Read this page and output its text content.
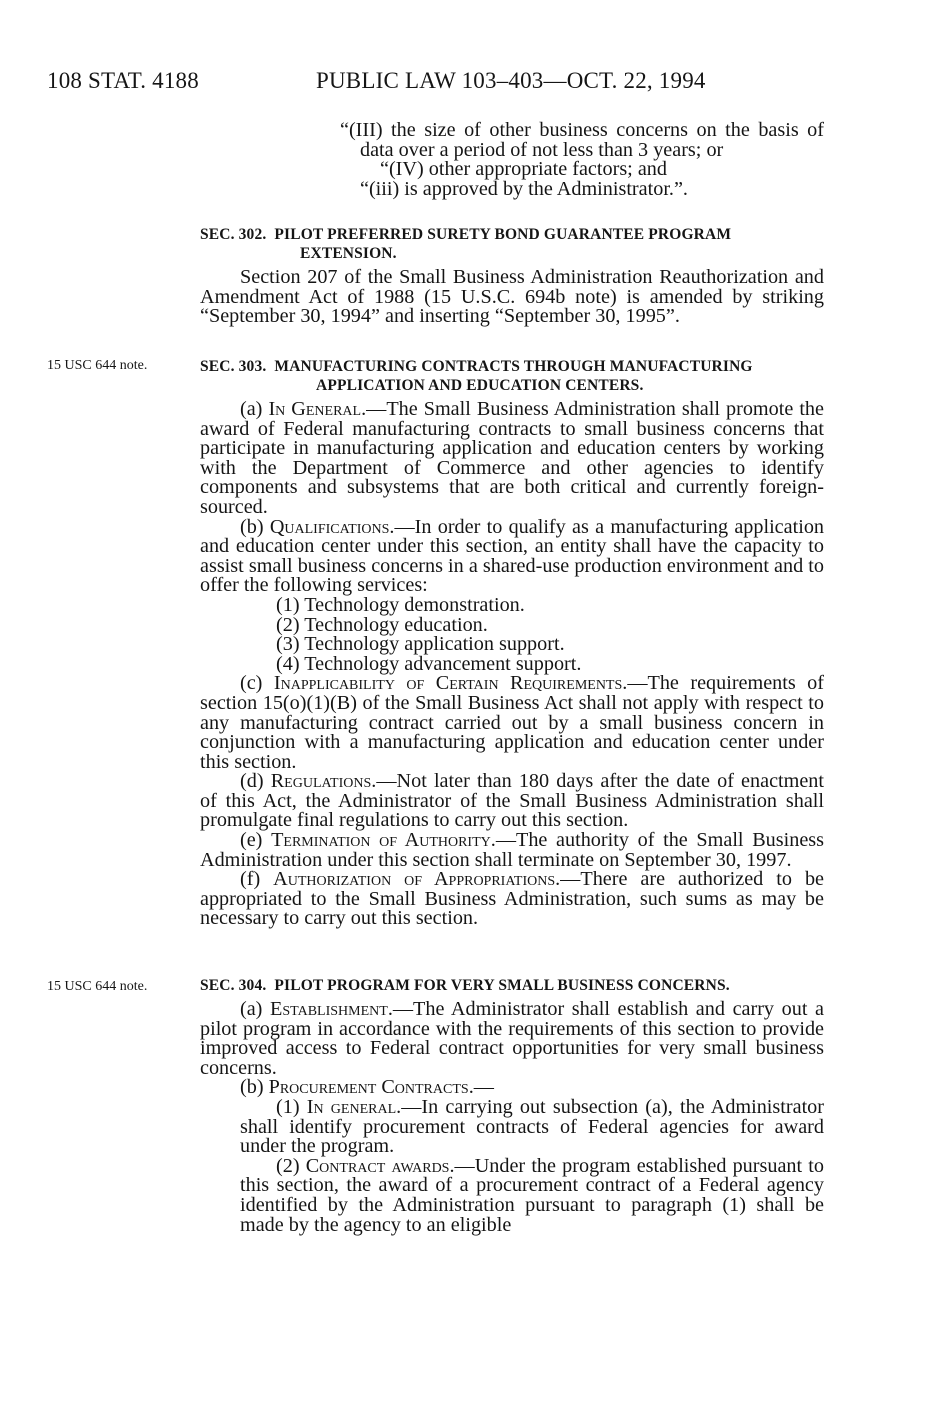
108 STAT. 4188	PUBLIC LAW 103–403—OCT. 22, 1994

“(III) the size of other business concerns on the basis of data over a period of not less than 3 years; or

“(IV) other appropriate factors; and

“(iii) is approved by the Administrator.”.

SEC. 302. PILOT PREFERRED SURETY BOND GUARANTEE PROGRAM
EXTENSION.

Section 207 of the Small Business Administration Reauthorization and Amendment Act of 1988 (15 U.S.C. 694b note) is amended by striking “September 30, 1994” and inserting “September 30, 1995”.

15 USC 644 note.	SEC. 303. MANUFACTURING CONTRACTS THROUGH MANUFACTURING
APPLICATION AND EDUCATION CENTERS.

(a) In General.—The Small Business Administration shall promote the award of Federal manufacturing contracts to small business concerns that participate in manufacturing application and education centers by working with the Department of Commerce and other agencies to identify components and subsystems that are both critical and currently foreign-sourced.

(b) Qualifications.—In order to qualify as a manufacturing application and education center under this section, an entity shall have the capacity to assist small business concerns in a shared-use production environment and to offer the following services:

(1) Technology demonstration.

(2) Technology education.

(3) Technology application support.

(4) Technology advancement support.

(c) Inapplicability of Certain Requirements.—The requirements of section 15(o)(1)(B) of the Small Business Act shall not apply with respect to any manufacturing contract carried out by a small business concern in conjunction with a manufacturing application and education center under this section.

(d) Regulations.—Not later than 180 days after the date of enactment of this Act, the Administrator of the Small Business Administration shall promulgate final regulations to carry out this section.

(e) Termination of Authority.—The authority of the Small Business Administration under this section shall terminate on September 30, 1997.

(f) Authorization of Appropriations.—There are authorized to be appropriated to the Small Business Administration, such sums as may be necessary to carry out this section.

15 USC 644 note.	SEC. 304. PILOT PROGRAM FOR VERY SMALL BUSINESS CONCERNS.

(a) Establishment.—The Administrator shall establish and carry out a pilot program in accordance with the requirements of this section to provide improved access to Federal contract opportunities for very small business concerns.

(b) Procurement Contracts.—

(1) In general.—In carrying out subsection (a), the Administrator shall identify procurement contracts of Federal agencies for award under the program.

(2) Contract awards.—Under the program established pursuant to this section, the award of a procurement contract of a Federal agency identified by the Administration pursuant to paragraph (1) shall be made by the agency to an eligible
